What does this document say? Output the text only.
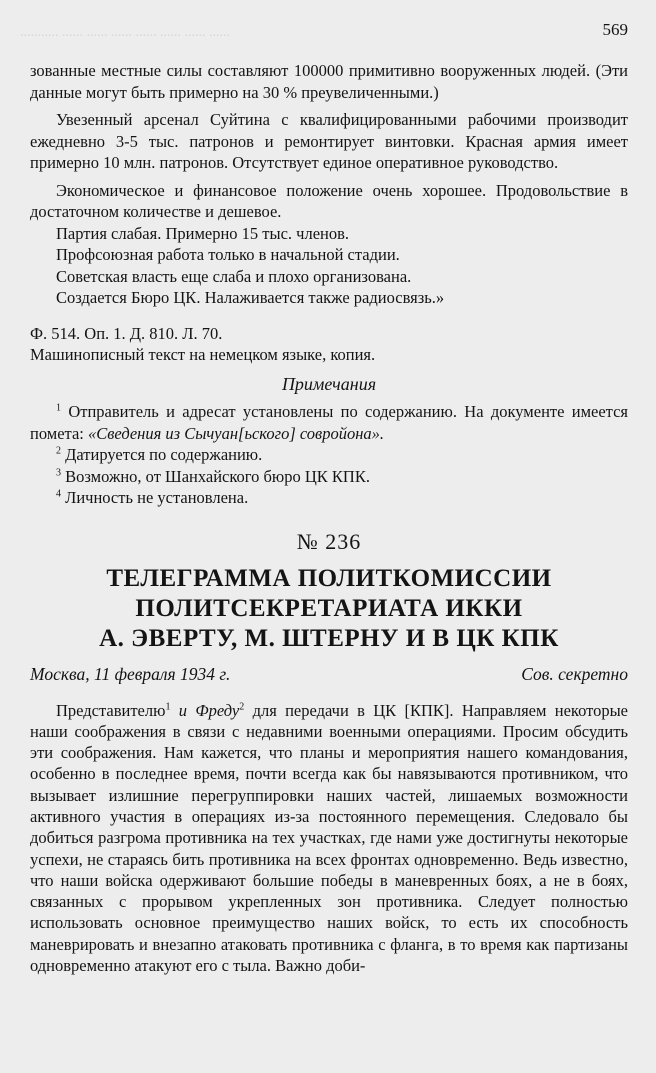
........... ...... ...... ...... ...... ...... ...... ......	569

зованные местные силы составляют 100000 примитивно вооруженных людей. (Эти данные могут быть примерно на 30 % преувеличенными.)

Увезенный арсенал Суйтина с квалифицированными рабочими производит ежедневно 3-5 тыс. патронов и ремонтирует винтовки. Красная армия имеет примерно 10 млн. патронов. Отсутствует единое оперативное руководство.

Экономическое и финансовое положение очень хорошее. Продовольствие в достаточном количестве и дешевое.

Партия слабая. Примерно 15 тыс. членов.

Профсоюзная работа только в начальной стадии.

Советская власть еще слаба и плохо организована.

Создается Бюро ЦК. Налаживается также радиосвязь.»

Ф. 514. Оп. 1. Д. 810. Л. 70.

Машинописный текст на немецком языке, копия.

Примечания

$^1$ Отправитель и адресат установлены по содержанию. На документе имеется помета: «Сведения из Сычуан[ьского] совройона».

$^2$ Датируется по содержанию.

$^3$ Возможно, от Шанхайского бюро ЦК КПК.

$^4$ Личность не установлена.

№ 236
ТЕЛЕГРАММА ПОЛИТКОМИССИИ
ПОЛИТСЕКРЕТАРИАТА ИККИ
А. ЭВЕРТУ, М. ШТЕРНУ И В ЦК КПК
Москва, 11 февраля 1934 г.	Сов. секретно

Представителю$^1$ и Фреду$^2$ для передачи в ЦК [КПК]. Направляем некоторые наши соображения в связи с недавними военными операциями. Просим обсудить эти соображения. Нам кажется, что планы и мероприятия нашего командования, особенно в последнее время, почти всегда как бы навязываются противником, что вызывает излишние перегруппировки наших частей, лишаемых возможности активного участия в операциях из-за постоянного перемещения. Следовало бы добиться разгрома противника на тех участках, где нами уже достигнуты некоторые успехи, не стараясь бить противника на всех фронтах одновременно. Ведь известно, что наши войска одерживают большие победы в маневренных боях, а не в боях, связанных с прорывом укрепленных зон противника. Следует полностью использовать основное преимущество наших войск, то есть их способность маневрировать и внезапно атаковать противника с фланга, в то время как партизаны одновременно атакуют его с тыла. Важно доби-
